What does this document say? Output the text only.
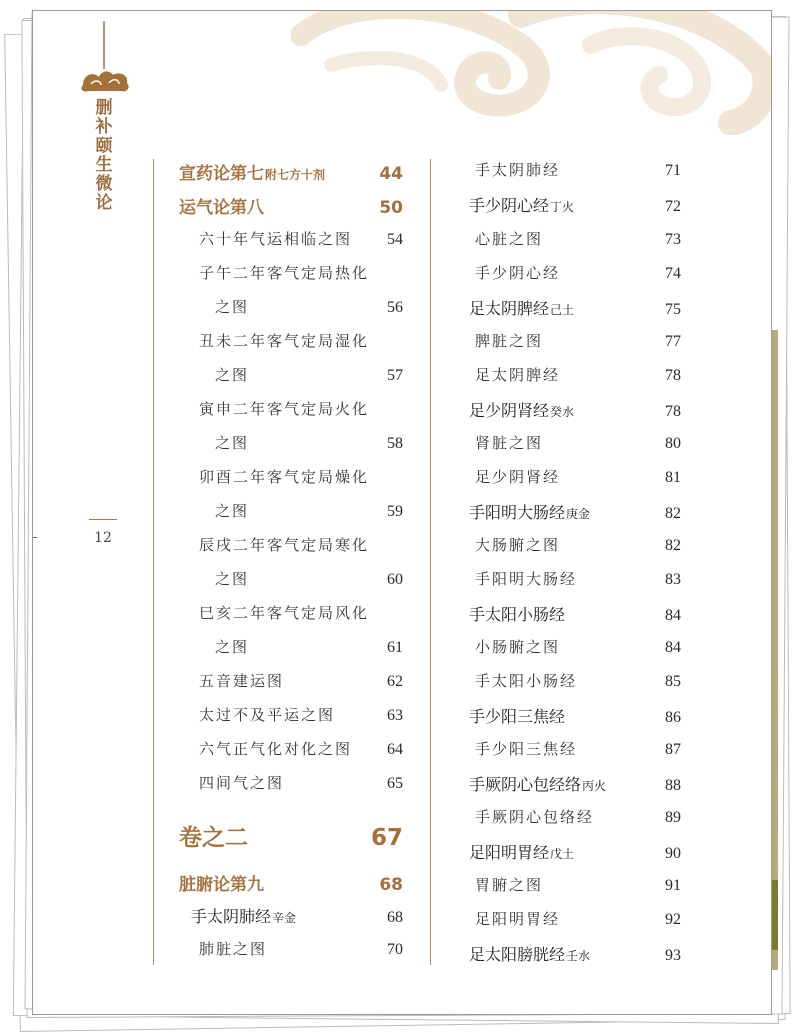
删补颐生微论
12
宣药论第七附七方十剂	44
运气论第八	50
六十年气运相临之图 54
子午二年客气定局热化
之图	56
丑未二年客气定局湿化
之图	57
寅申二年客气定局火化
之图	58
卯酉二年客气定局燥化
之图	59
辰戌二年客气定局寒化
之图	60
巳亥二年客气定局风化
之图	61
五音建运图	62
太过不及平运之图	63
六气正气化对化之图 64
四间气之图	65
卷之二	67
脏腑论第九	68
手太阴肺经辛金	68
肺脏之图	70
手太阴肺经	71
手少阴心经丁火	72
心脏之图	73
手少阴心经	74
足太阴脾经己土	75
脾脏之图	77
足太阴脾经	78
足少阴肾经癸水	78
肾脏之图	80
足少阴肾经	81
手阳明大肠经庚金	82
大肠腑之图	82
手阳明大肠经	83
手太阳小肠经	84
小肠腑之图	84
手太阳小肠经	85
手少阳三焦经	86
手少阳三焦经	87
手厥阴心包经络丙火	88
手厥阴心包络经	89
足阳明胃经戊土	90
胃腑之图	91
足阳明胃经	92
足太阳膀胱经壬水	93
